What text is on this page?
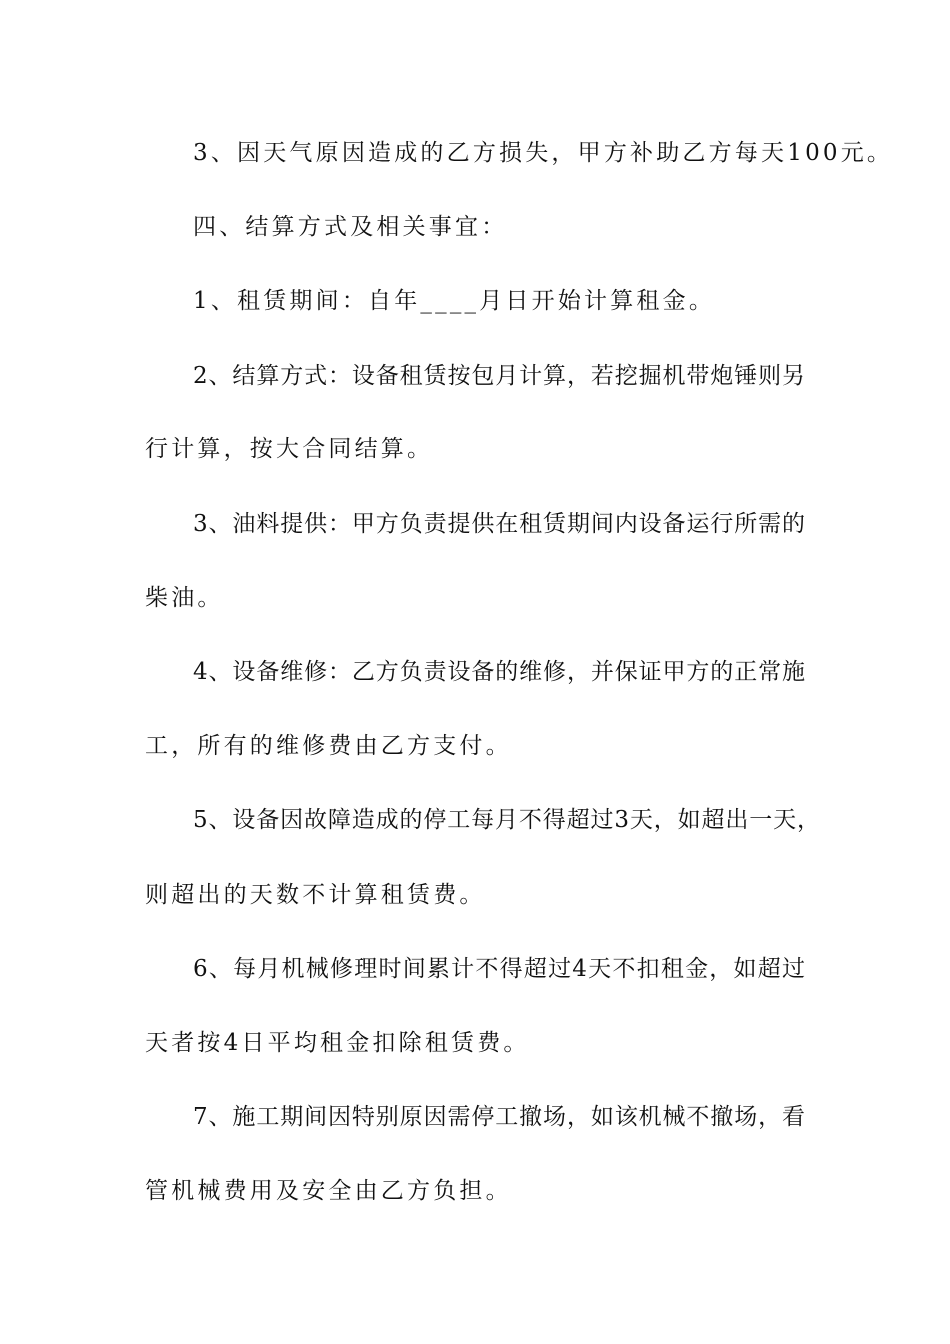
3、因天气原因造成的乙方损失，甲方补助乙方每天100元。
四、结算方式及相关事宜：
1、租赁期间：自年____月日开始计算租金。
2、结算方式：设备租赁按包月计算，若挖掘机带炮锤则另
行计算，按大合同结算。
3、油料提供：甲方负责提供在租赁期间内设备运行所需的
柴油。
4、设备维修：乙方负责设备的维修，并保证甲方的正常施
工，所有的维修费由乙方支付。
5、设备因故障造成的停工每月不得超过3天，如超出一天，
则超出的天数不计算租赁费。
6、每月机械修理时间累计不得超过4天不扣租金，如超过
天者按4日平均租金扣除租赁费。
7、施工期间因特别原因需停工撤场，如该机械不撤场，看
管机械费用及安全由乙方负担。
